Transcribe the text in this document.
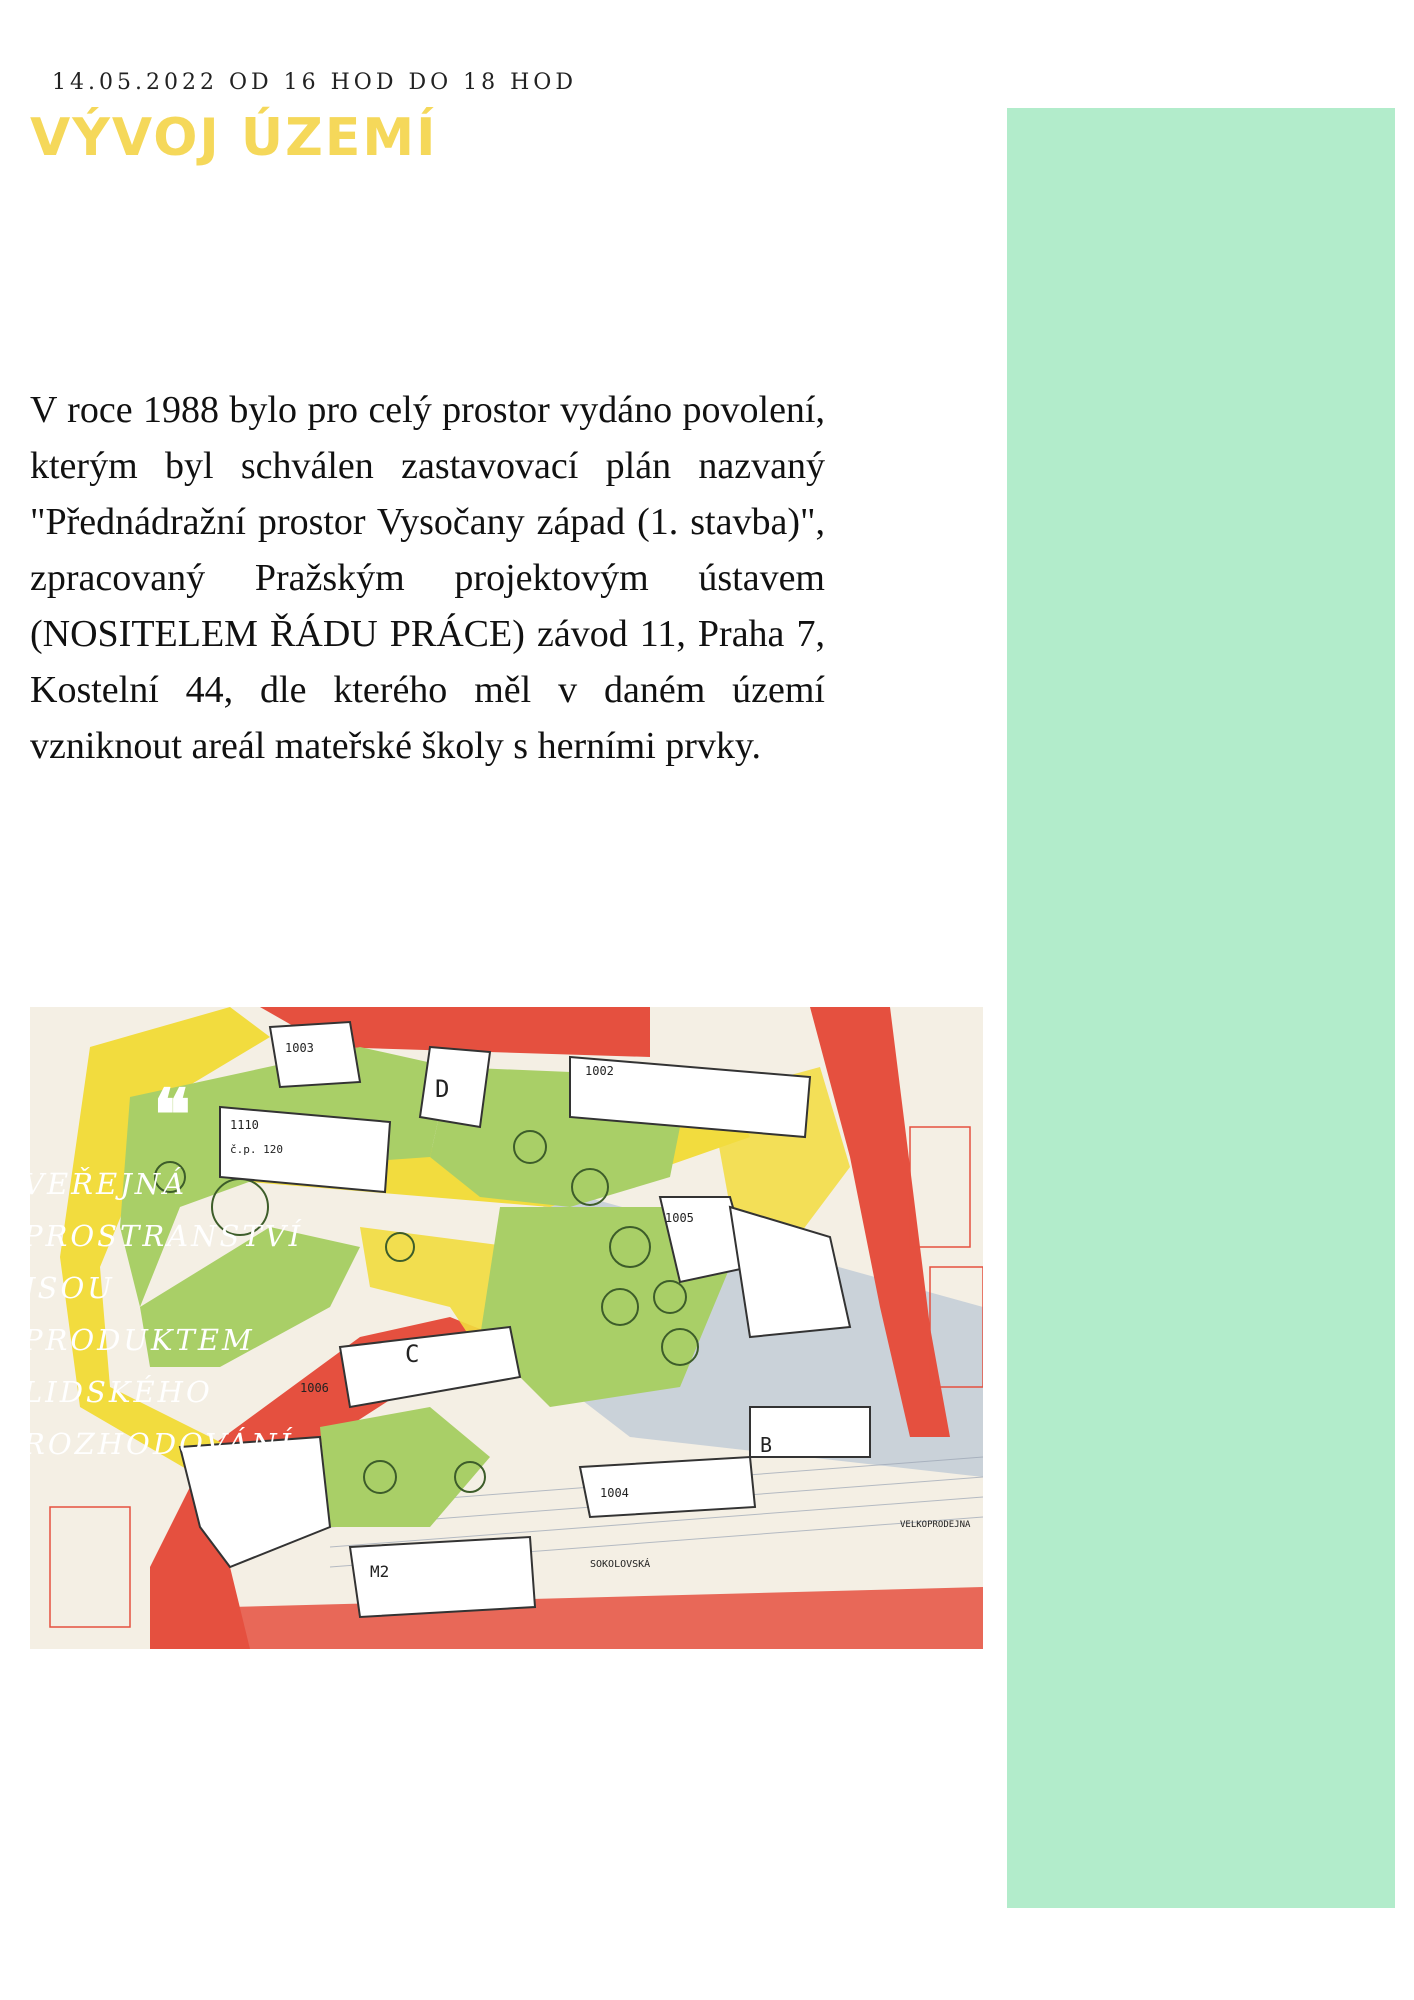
14.05.2022 OD 16 HOD DO 18 HOD
VÝVOJ ÚZEMÍ

V roce 1988 bylo pro celý prostor vydáno povolení, kterým byl schválen zastavovací plán nazvaný "Přednádražní prostor Vysočany západ (1. stavba)", zpracovaný Pražským projektovým ústavem (NOSITELEM ŘÁDU PRÁCE) závod 11, Praha 7, Kostelní 44, dle kterého měl v daném území vzniknout areál mateřské školy s herními prvky.

1003
1002
1110
č.p. 120
1005
1006
1004
D
C
B
M2	SOKOLOVSKÁ
VELKOPRODEJNA
❝
VEŘEJNÁ
PROSTRANSTVÍ
JSOU
PRODUKTEM
LIDSKÉHO
ROZHODOVÁNÍ
